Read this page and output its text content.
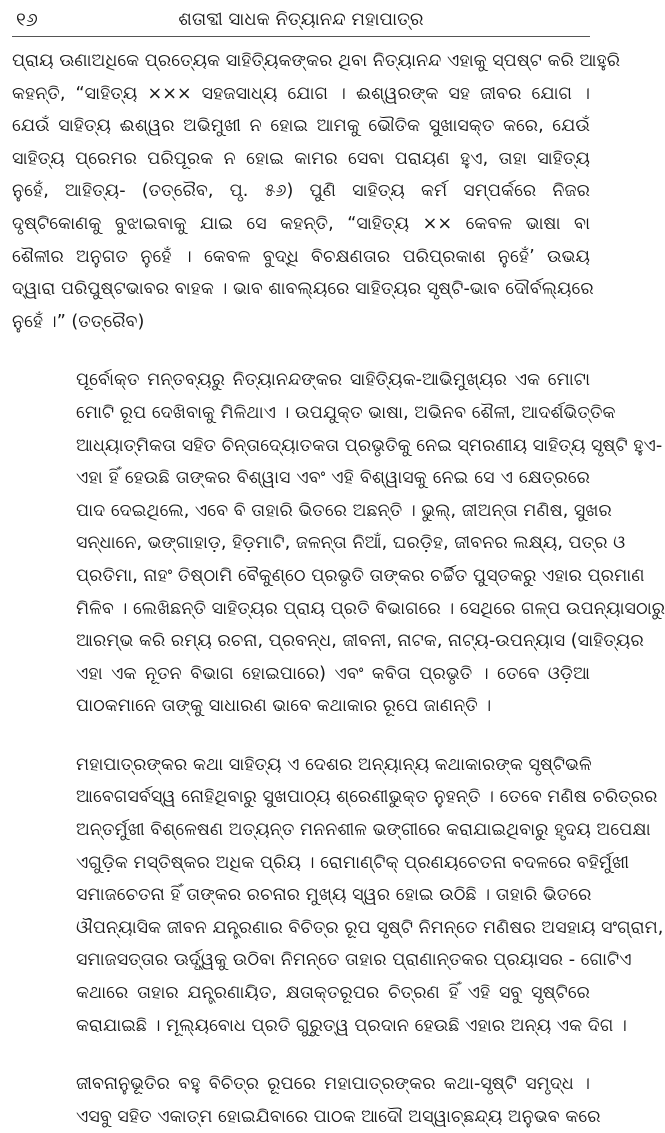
୧୬	ଶତାବ୍ଦୀ ସାଧକ ନିତ୍ୟାନନ୍ଦ ମହାପାତ୍ର
ପ୍ରାୟ ଊଣାଅଧିକେ ପ୍ରତ୍ୟେକ ସାହିତ୍ୟିକଙ୍କର ଥିବା ନିତ୍ୟାନନ୍ଦ ଏହାକୁ ସ୍ପଷ୍ଟ କରି ଆହୁରି
କହନ୍ତି, “ସାହିତ୍ୟ ××× ସହଜସାଧ୍ୟ ଯୋଗ । ଈଶ୍ୱରଙ୍କ ସହ ଜୀବର ଯୋଗ ।
ଯେଉଁ ସାହିତ୍ୟ ଈଶ୍ୱର ଅଭିମୁଖୀ ନ ହୋଇ ଆମକୁ ଭୌତିକ ସୁଖାସକ୍ତ କରେ, ଯେଉଁ
ସାହିତ୍ୟ ପ୍ରେମର ପରିପୂରକ ନ ହୋଇ କାମର ସେବା ପରାୟଣ ହୁଏ, ତାହା ସାହିତ୍ୟ
ନୁହେଁ, ଆହିତ୍ୟ- (ତତ୍ରୈବ, ପୃ. ୫୬) ପୁଣି ସାହିତ୍ୟ କର୍ମ ସମ୍ପର୍କରେ ନିଜର
ଦୃଷ୍ଟିକୋଣକୁ ବୁଝାଇବାକୁ ଯାଇ ସେ କହନ୍ତି, “ସାହିତ୍ୟ ×× କେବଳ ଭାଷା ବା
ଶୈଳୀର ଅନୁଗତ ନୁହେଁ । କେବଳ ବୁଦ୍ଧି ବିଚକ୍ଷଣତାର ପରିପ୍ରକାଶ ନୁହେଁ’ ଉଭୟ
ଦ୍ୱାରା ପରିପୁଷ୍ଟଭାବର ବାହକ । ଭାବ ଶାବଲ୍ୟରେ ସାହିତ୍ୟର ସୃଷ୍ଟି-ଭାବ ଦୌର୍ବଲ୍ୟରେ
ନୁହେଁ ।” (ତତ୍ରୈବ)
ପୂର୍ବୋକ୍ତ ମନ୍ତବ୍ୟରୁ ନିତ୍ୟାନନ୍ଦଙ୍କର ସାହିତ୍ୟିକ-ଆଭିମୁଖ୍ୟର ଏକ ମୋଟା
ମୋଟି ରୂପ ଦେଖିବାକୁ ମିଳିଥାଏ । ଉପଯୁକ୍ତ ଭାଷା, ଅଭିନବ ଶୈଳୀ, ଆଦର୍ଶଭିତ୍ତିକ
ଆଧ୍ୟାତ୍ମିକତା ସହିତ ଚିନ୍ତାଦ୍ୟୋତକତା ପ୍ରଭୃତିକୁ ନେଇ ସ୍ମରଣୀୟ ସାହିତ୍ୟ ସୃଷ୍ଟି ହୁଏ-
ଏହା ହିଁ ହେଉଛି ତାଙ୍କର ବିଶ୍ୱାସ ଏବଂ ଏହି ବିଶ୍ୱାସକୁ ନେଇ ସେ ଏ କ୍ଷେତ୍ରରେ
ପାଦ ଦେଇଥିଲେ, ଏବେ ବି ତାହାରି ଭିତରେ ଅଛନ୍ତି । ଭୁଲ୍, ଜୀଅନ୍ତା ମଣିଷ, ସୁଖର
ସନ୍ଧାନେ, ଭଙ୍ଗାହାଡ଼, ହିଡ଼ମାଟି, ଜଳନ୍ତା ନିଆଁ, ଘରଡ଼ିହ, ଜୀବନର ଲକ୍ଷ୍ୟ, ପତ୍ର ଓ
ପ୍ରତିମା, ନାହଂ ତିଷ୍ଠାମି ବୈକୁଣ୍ଠେ ପ୍ରଭୃତି ତାଙ୍କର ଚର୍ଚ୍ଚିତ ପୁସ୍ତକରୁ ଏହାର ପ୍ରମାଣ
ମିଳିବ । ଲେଖିଛନ୍ତି ସାହିତ୍ୟର ପ୍ରାୟ ପ୍ରତି ବିଭାଗରେ । ସେଥିରେ ଗଳ୍ପ ଉପନ୍ୟାସଠାରୁ
ଆରମ୍ଭ କରି ରମ୍ୟ ରଚନା, ପ୍ରବନ୍ଧ, ଜୀବନୀ, ନାଟକ, ନାଟ୍ୟ-ଉପନ୍ୟାସ (ସାହିତ୍ୟର
ଏହା ଏକ ନୂତନ ବିଭାଗ ହୋଇପାରେ) ଏବଂ କବିତା ପ୍ରଭୃତି । ତେବେ ଓଡ଼ିଆ
ପାଠକମାନେ ତାଙ୍କୁ ସାଧାରଣ ଭାବେ କଥାକାର ରୂପେ ଜାଣନ୍ତି ।
ମହାପାତ୍ରଙ୍କର କଥା ସାହିତ୍ୟ ଏ ଦେଶର ଅନ୍ୟାନ୍ୟ କଥାକାରଙ୍କ ସୃଷ୍ଟିଭଳି
ଆବେଗସର୍ବସ୍ୱ ନୋହିଥିବାରୁ ସୁଖପାଠ୍ୟ ଶ୍ରେଣୀଭୁକ୍ତ ନୁହନ୍ତି । ତେବେ ମଣିଷ ଚରିତ୍ରର
ଅନ୍ତର୍ମୁଖୀ ବିଶ୍ଳେଷଣ ଅତ୍ୟନ୍ତ ମନନଶୀଳ ଭଙ୍ଗୀରେ କରାଯାଇଥିବାରୁ ହୃଦୟ ଅପେକ୍ଷା
ଏଗୁଡ଼ିକ ମସ୍ତିଷ୍କର ଅଧିକ ପ୍ରିୟ । ରୋମାଣ୍ଟିକ୍ ପ୍ରଣୟଚେତନା ବଦଳରେ ବହିର୍ମୁଖୀ
ସମାଜଚେତନା ହିଁ ତାଙ୍କର ରଚନାର ମୁଖ୍ୟ ସ୍ୱର ହୋଇ ଉଠିଛି । ତାହାରି ଭିତରେ
ଔପନ୍ୟାସିକ ଜୀବନ ଯନ୍ତ୍ରଣାର ବିଚିତ୍ର ରୂପ ସୃଷ୍ଟି ନିମନ୍ତେ ମଣିଷର ଅସହାୟ ସଂଗ୍ରାମ,
ସମାଜସତ୍ତାର ଊର୍ଦ୍ଧ୍ୱକୁ ଉଠିବା ନିମନ୍ତେ ତାହାର ପ୍ରାଣାନ୍ତକର ପ୍ରୟାସର - ଗୋଟିଏ
କଥାରେ ତାହାର ଯନ୍ତ୍ରଣାୟିତ, କ୍ଷତାକ୍ତରୂପର ଚିତ୍ରଣ ହିଁ ଏହି ସବୁ ସୃଷ୍ଟିରେ
କରାଯାଇଛି । ମୂଲ୍ୟବୋଧ ପ୍ରତି ଗୁରୁତ୍ୱ ପ୍ରଦାନ ହେଉଛି ଏହାର ଅନ୍ୟ ଏକ ଦିଗ ।
ଜୀବନାନୁଭୂତିର ବହୁ ବିଚିତ୍ର ରୂପରେ ମହାପାତ୍ରଙ୍କର କଥା-ସୃଷ୍ଟି ସମୃଦ୍ଧ ।
ଏସବୁ ସହିତ ଏକାତ୍ମ ହୋଇଯିବାରେ ପାଠକ ଆଦୌ ଅସ୍ୱାଚ୍ଛନ୍ଦ୍ୟ ଅନୁଭବ କରେ
